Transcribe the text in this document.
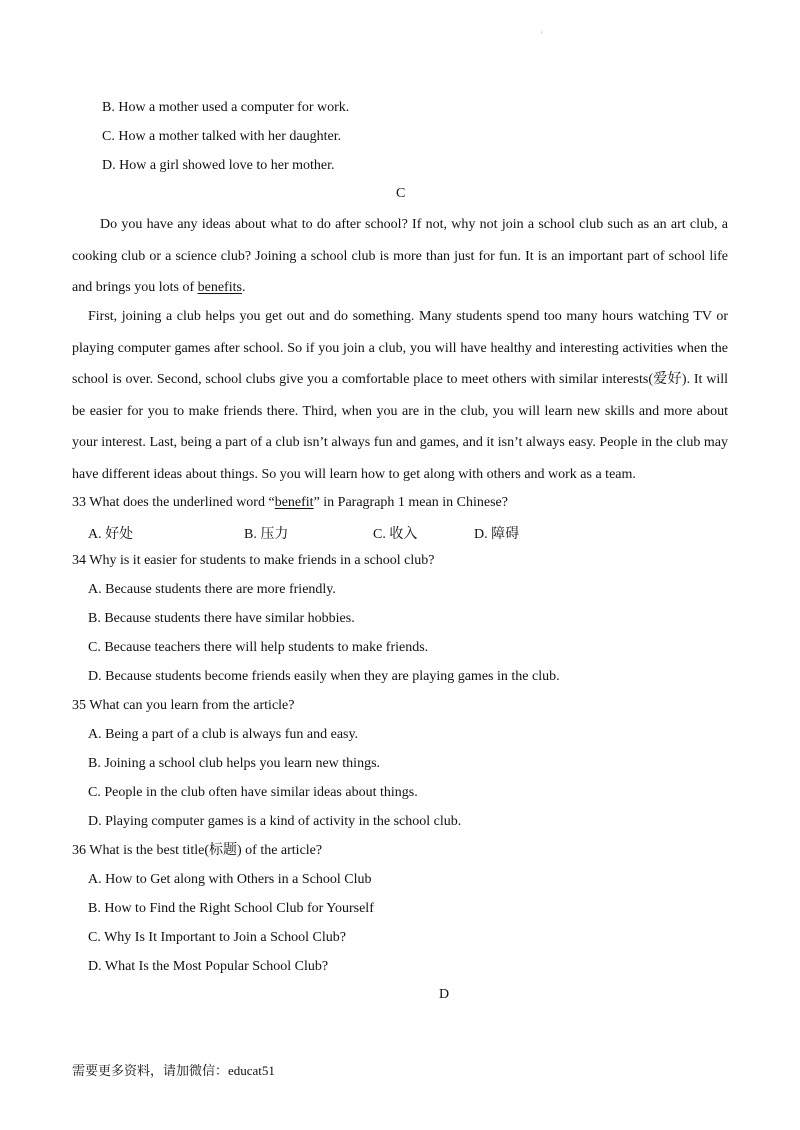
'
B. How a mother used a computer for work.
C. How a mother talked with her daughter.
D. How a girl showed love to her mother.
C
Do you have any ideas about what to do after school? If not, why not join a school club such as an art club, a cooking club or a science club? Joining a school club is more than just for fun. It is an important part of school life and brings you lots of benefits.
First, joining a club helps you get out and do something. Many students spend too many hours watching TV or playing computer games after school. So if you join a club, you will have healthy and interesting activities when the school is over. Second, school clubs give you a comfortable place to meet others with similar interests(爱好). It will be easier for you to make friends there. Third, when you are in the club, you will learn new skills and more about your interest. Last, being a part of a club isn’t always fun and games, and it isn’t always easy. People in the club may have different ideas about things. So you will learn how to get along with others and work as a team.
33 What does the underlined word “benefit” in Paragraph 1 mean in Chinese?
A. 好处	B. 压力	C. 收入	D. 障碍
34 Why is it easier for students to make friends in a school club?
A. Because students there are more friendly.
B. Because students there have similar hobbies.
C. Because teachers there will help students to make friends.
D. Because students become friends easily when they are playing games in the club.
35 What can you learn from the article?
A. Being a part of a club is always fun and easy.
B. Joining a school club helps you learn new things.
C. People in the club often have similar ideas about things.
D. Playing computer games is a kind of activity in the school club.
36 What is the best title(标题) of the article?
A. How to Get along with Others in a School Club
B. How to Find the Right School Club for Yourself
C. Why Is It Important to Join a School Club?
D. What Is the Most Popular School Club?
D
需要更多资料，请加微信：educat51
